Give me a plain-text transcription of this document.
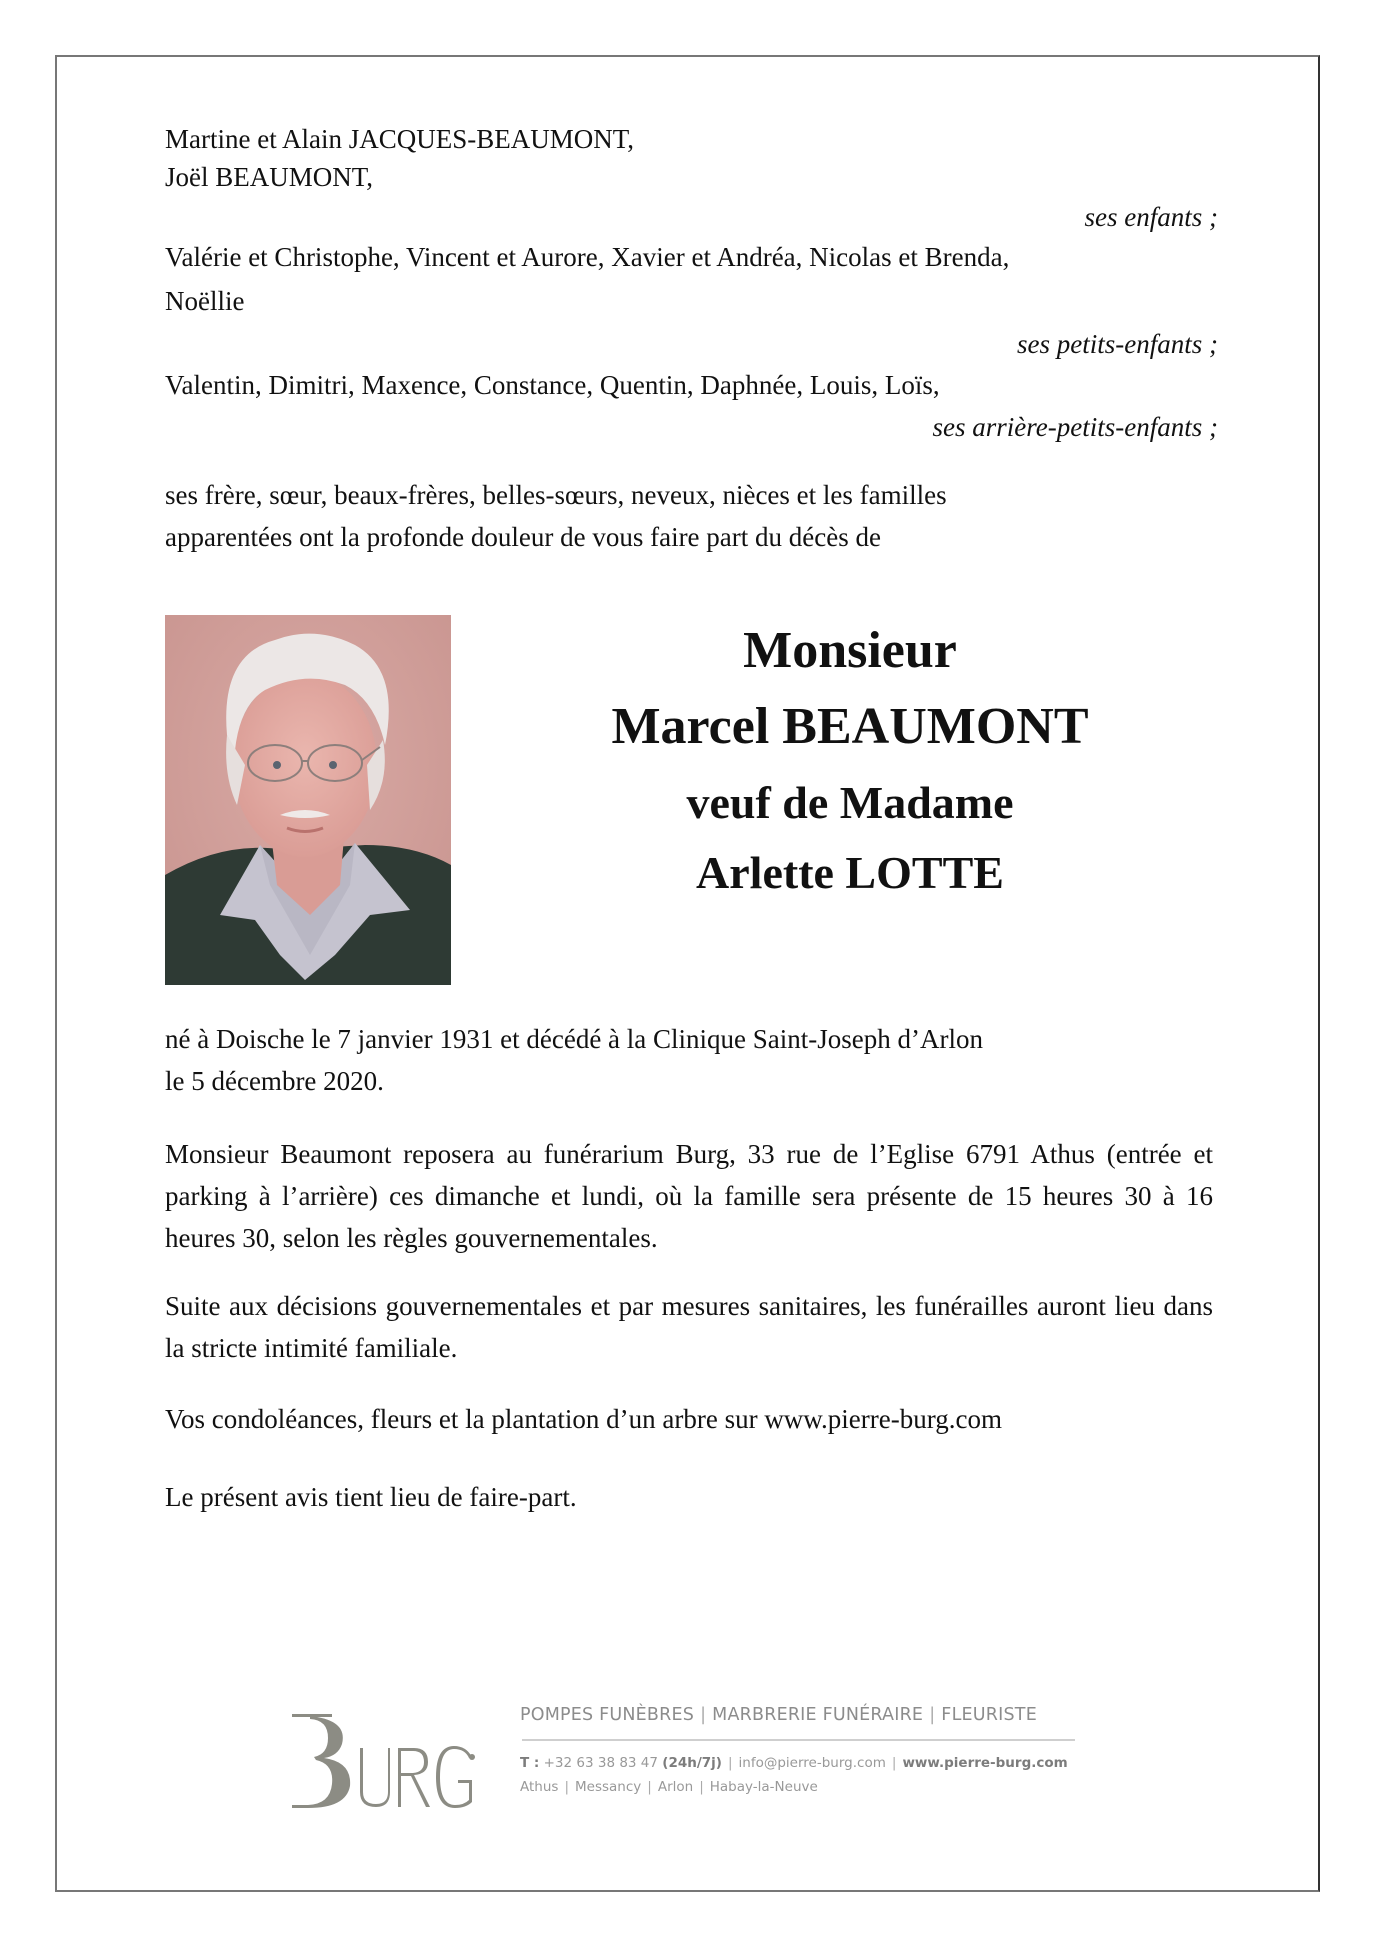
Martine et Alain JACQUES-BEAUMONT,
Joël BEAUMONT,
ses enfants ;
Valérie et Christophe, Vincent et Aurore, Xavier et Andréa, Nicolas et Brenda,
Noëllie
ses petits-enfants ;
Valentin, Dimitri, Maxence, Constance, Quentin, Daphnée, Louis, Loïs,
ses arrière-petits-enfants ;
ses frère, sœur, beaux-frères, belles-sœurs, neveux, nièces et les familles
apparentées ont la profonde douleur de vous faire part du décès de
Monsieur
Marcel BEAUMONT
veuf de Madame
Arlette LOTTE
né à Doische le 7 janvier 1931 et décédé à la Clinique Saint-Joseph d’Arlon
le 5 décembre 2020.
Monsieur Beaumont reposera au funérarium Burg, 33 rue de l’Eglise 6791 Athus (entrée et parking à l’arrière) ces dimanche et lundi, où la famille sera présente de 15 heures 30 à 16 heures 30, selon les règles gouvernementales.
Suite aux décisions gouvernementales et par mesures sanitaires, les funérailles auront lieu dans la stricte intimité familiale.
Vos condoléances, fleurs et la plantation d’un arbre sur www.pierre-burg.com
Le présent avis tient lieu de faire-part.
POMPES FUNÈBRES | MARBRERIE FUNÉRAIRE | FLEURISTE
T : +32 63 38 83 47 (24h/7j) | info@pierre-burg.com | www.pierre-burg.com
Athus | Messancy | Arlon | Habay-la-Neuve
